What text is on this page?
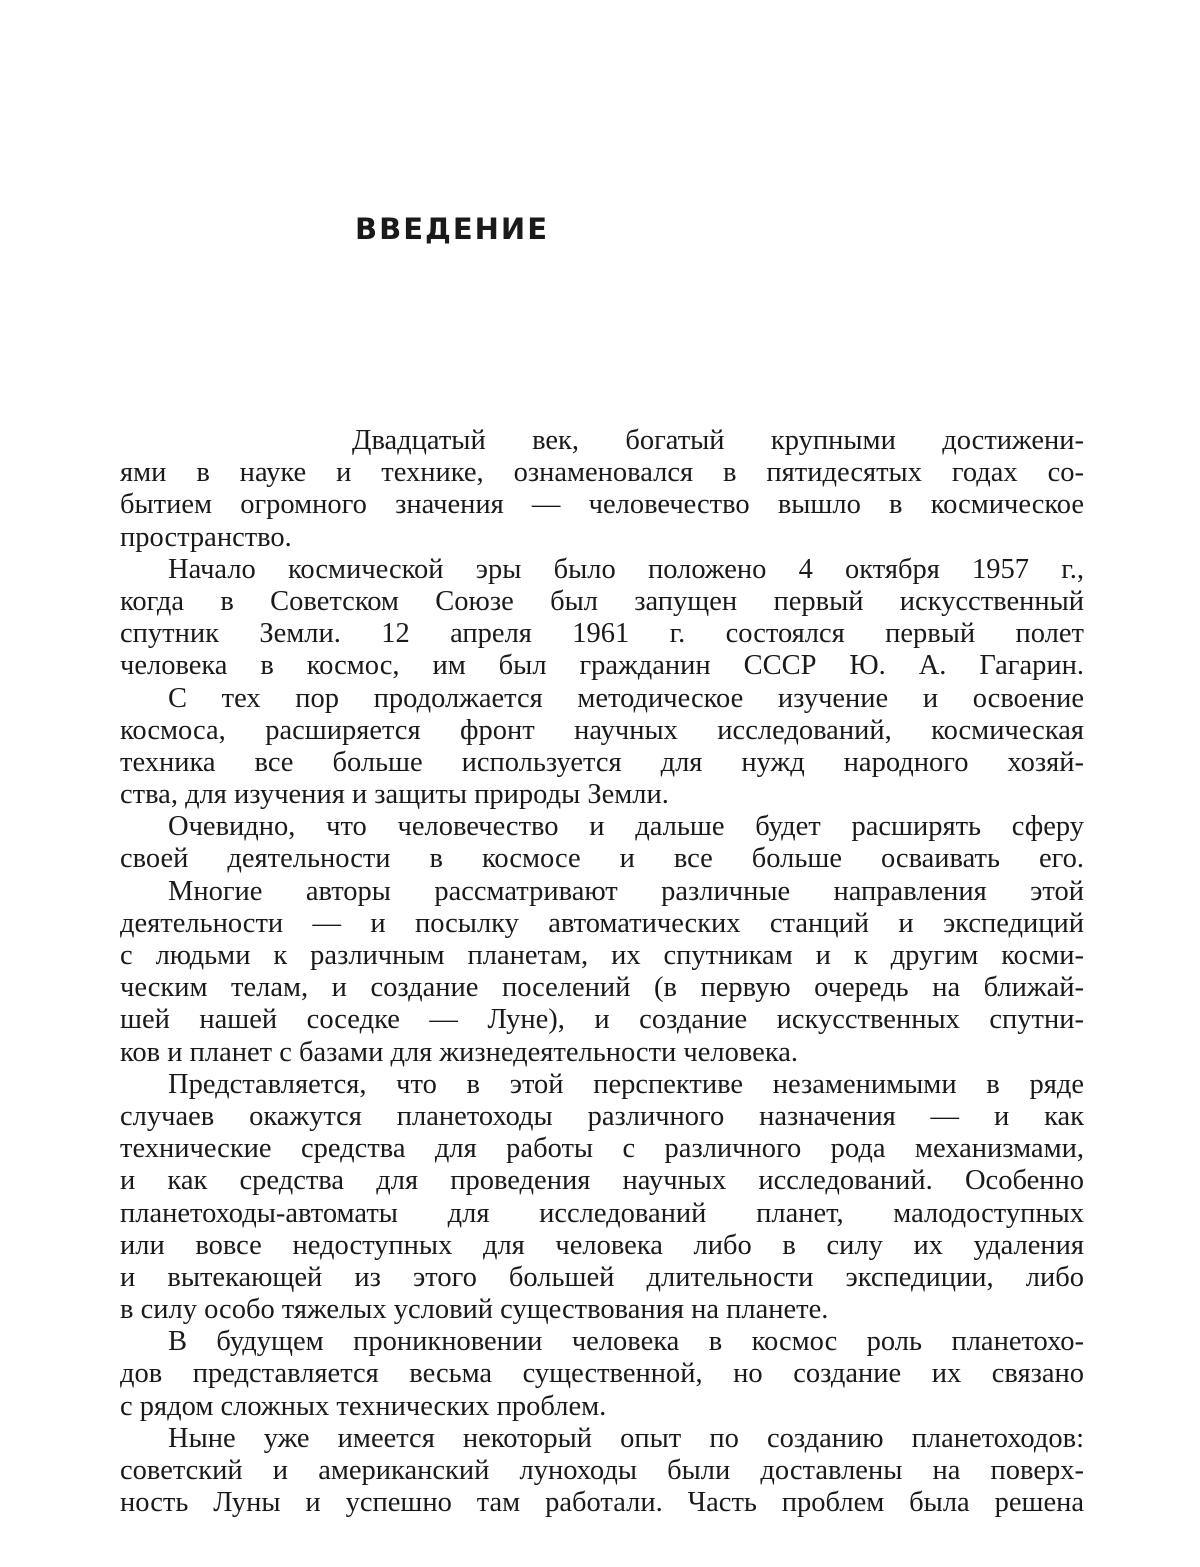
ВВЕДЕНИЕ
Двадцатый век, богатый крупными достижени-
ями в науке и технике, ознаменовался в пятидесятых годах со-
бытием огромного значения — человечество вышло в космическое
пространство.
Начало космической эры было положено 4 октября 1957 г.,
когда в Советском Союзе был запущен первый искусственный
спутник Земли. 12 апреля 1961 г. состоялся первый полет
человека в космос, им был гражданин СССР Ю. А. Гагарин.
С тех пор продолжается методическое изучение и освоение
космоса, расширяется фронт научных исследований, космическая
техника все больше используется для нужд народного хозяй-
ства, для изучения и защиты природы Земли.
Очевидно, что человечество и дальше будет расширять сферу
своей деятельности в космосе и все больше осваивать его.
Многие авторы рассматривают различные направления этой
деятельности — и посылку автоматических станций и экспедиций
с людьми к различным планетам, их спутникам и к другим косми-
ческим телам, и создание поселений (в первую очередь на ближай-
шей нашей соседке — Луне), и создание искусственных спутни-
ков и планет с базами для жизнедеятельности человека.
Представляется, что в этой перспективе незаменимыми в ряде
случаев окажутся планетоходы различного назначения — и как
технические средства для работы с различного рода механизмами,
и как средства для проведения научных исследований. Особенно
планетоходы-автоматы для исследований планет, малодоступных
или вовсе недоступных для человека либо в силу их удаления
и вытекающей из этого большей длительности экспедиции, либо
в силу особо тяжелых условий существования на планете.
В будущем проникновении человека в космос роль планетохо-
дов представляется весьма существенной, но создание их связано
с рядом сложных технических проблем.
Ныне уже имеется некоторый опыт по созданию планетоходов:
советский и американский луноходы были доставлены на поверх-
ность Луны и успешно там работали. Часть проблем была решена
